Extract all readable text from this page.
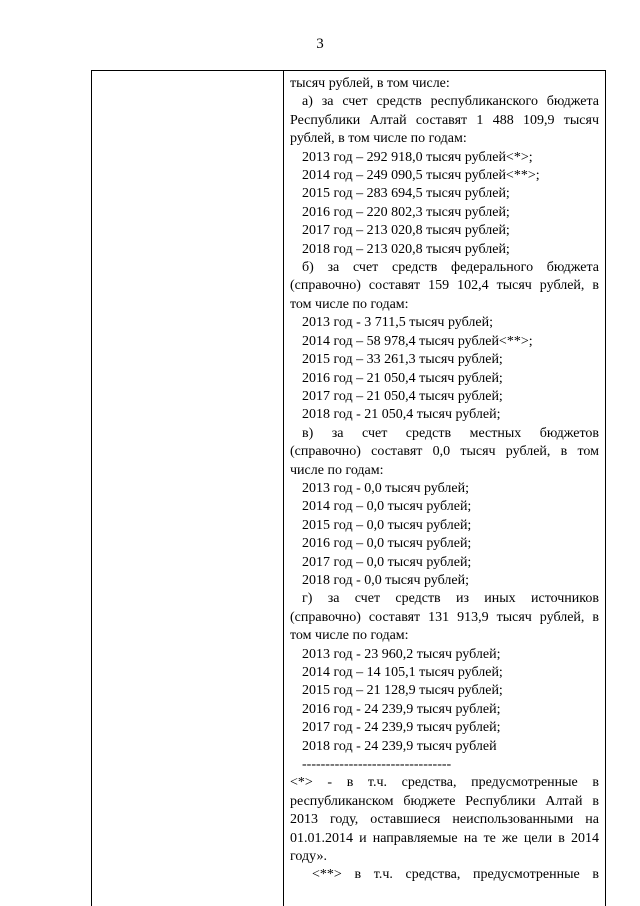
3
тысяч рублей, в том числе:
а) за счет средств республиканского бюджета
Республики Алтай составят 1 488 109,9 тысяч
рублей, в том числе по годам:
2013 год – 292 918,0 тысяч рублей<*>;
2014 год – 249 090,5 тысяч рублей<**>;
2015 год – 283 694,5 тысяч рублей;
2016 год – 220 802,3 тысяч рублей;
2017 год – 213 020,8 тысяч рублей;
2018 год – 213 020,8 тысяч рублей;
б) за счет средств федерального бюджета
(справочно) составят 159 102,4 тысяч рублей, в
том числе по годам:
2013 год - 3 711,5 тысяч рублей;
2014 год – 58 978,4 тысяч рублей<**>;
2015 год – 33 261,3 тысяч рублей;
2016 год – 21 050,4 тысяч рублей;
2017 год – 21 050,4 тысяч рублей;
2018 год - 21 050,4 тысяч рублей;
в) за счет средств местных бюджетов
(справочно) составят 0,0 тысяч рублей, в том
числе по годам:
2013 год - 0,0 тысяч рублей;
2014 год – 0,0 тысяч рублей;
2015 год – 0,0 тысяч рублей;
2016 год – 0,0 тысяч рублей;
2017 год – 0,0 тысяч рублей;
2018 год - 0,0 тысяч рублей;
г) за счет средств из иных источников
(справочно) составят 131 913,9 тысяч рублей, в
том числе по годам:
2013 год - 23 960,2 тысяч рублей;
2014 год – 14 105,1 тысяч рублей;
2015 год – 21 128,9 тысяч рублей;
2016 год - 24 239,9 тысяч рублей;
2017 год - 24 239,9 тысяч рублей;
2018 год - 24 239,9 тысяч рублей
--------------------------------
<*> - в т.ч. средства, предусмотренные в
республиканском бюджете Республики Алтай в
2013 году, оставшиеся неиспользованными на
01.01.2014 и направляемые на те же цели в 2014
году».
<**> в т.ч. средства, предусмотренные в
